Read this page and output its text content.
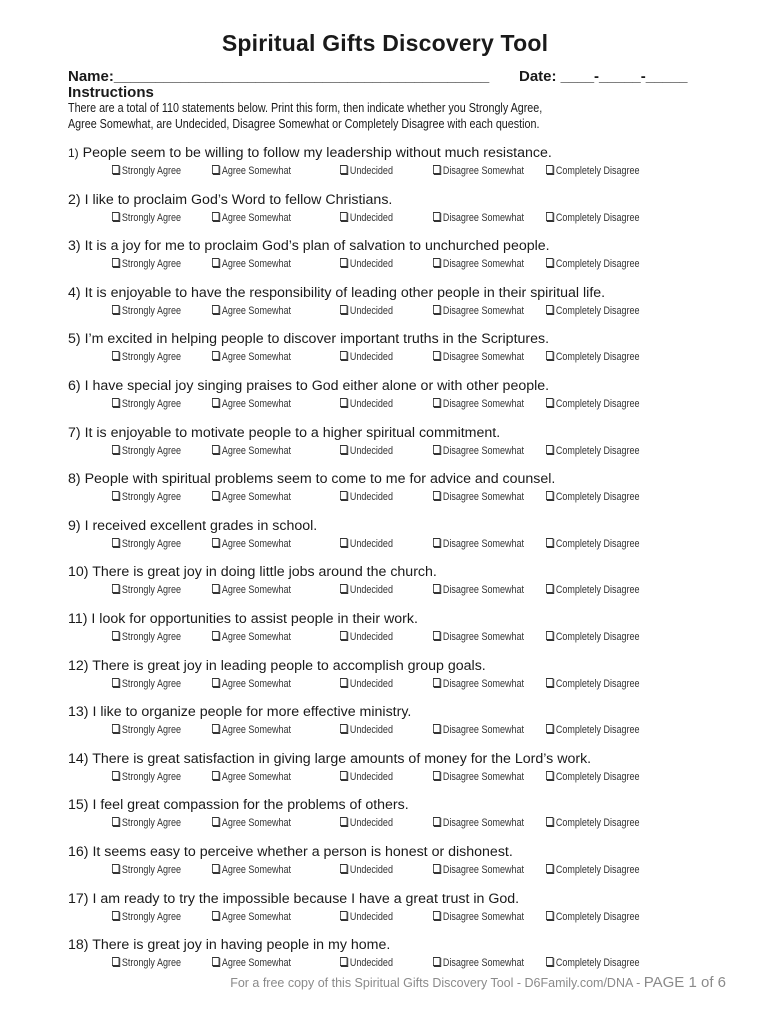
Spiritual Gifts Discovery Tool
Name:_____________________________________________ Date: ____-_____-_____
Instructions
There are a total of 110 statements below. Print this form, then indicate whether you Strongly Agree,
Agree Somewhat, are Undecided, Disagree Somewhat or Completely Disagree with each question.
1) People seem to be willing to follow my leadership without much resistance.
Strongly Agree	Agree Somewhat	Undecided	Disagree Somewhat	Completely Disagree
2) I like to proclaim God’s Word to fellow Christians.
Strongly Agree	Agree Somewhat	Undecided	Disagree Somewhat	Completely Disagree
3) It is a joy for me to proclaim God’s plan of salvation to unchurched people.
Strongly Agree	Agree Somewhat	Undecided	Disagree Somewhat	Completely Disagree
4) It is enjoyable to have the responsibility of leading other people in their spiritual life.
Strongly Agree	Agree Somewhat	Undecided	Disagree Somewhat	Completely Disagree
5) I’m excited in helping people to discover important truths in the Scriptures.
Strongly Agree	Agree Somewhat	Undecided	Disagree Somewhat	Completely Disagree
6) I have special joy singing praises to God either alone or with other people.
Strongly Agree	Agree Somewhat	Undecided	Disagree Somewhat	Completely Disagree
7) It is enjoyable to motivate people to a higher spiritual commitment.
Strongly Agree	Agree Somewhat	Undecided	Disagree Somewhat	Completely Disagree
8) People with spiritual problems seem to come to me for advice and counsel.
Strongly Agree	Agree Somewhat	Undecided	Disagree Somewhat	Completely Disagree
9) I received excellent grades in school.
Strongly Agree	Agree Somewhat	Undecided	Disagree Somewhat	Completely Disagree
10) There is great joy in doing little jobs around the church.
Strongly Agree	Agree Somewhat	Undecided	Disagree Somewhat	Completely Disagree
11) I look for opportunities to assist people in their work.
Strongly Agree	Agree Somewhat	Undecided	Disagree Somewhat	Completely Disagree
12) There is great joy in leading people to accomplish group goals.
Strongly Agree	Agree Somewhat	Undecided	Disagree Somewhat	Completely Disagree
13) I like to organize people for more effective ministry.
Strongly Agree	Agree Somewhat	Undecided	Disagree Somewhat	Completely Disagree
14) There is great satisfaction in giving large amounts of money for the Lord’s work.
Strongly Agree	Agree Somewhat	Undecided	Disagree Somewhat	Completely Disagree
15) I feel great compassion for the problems of others.
Strongly Agree	Agree Somewhat	Undecided	Disagree Somewhat	Completely Disagree
16) It seems easy to perceive whether a person is honest or dishonest.
Strongly Agree	Agree Somewhat	Undecided	Disagree Somewhat	Completely Disagree
17) I am ready to try the impossible because I have a great trust in God.
Strongly Agree	Agree Somewhat	Undecided	Disagree Somewhat	Completely Disagree
18) There is great joy in having people in my home.
Strongly Agree	Agree Somewhat	Undecided	Disagree Somewhat	Completely Disagree
For a free copy of this Spiritual Gifts Discovery Tool - D6Family.com/DNA - PAGE 1 of 6
